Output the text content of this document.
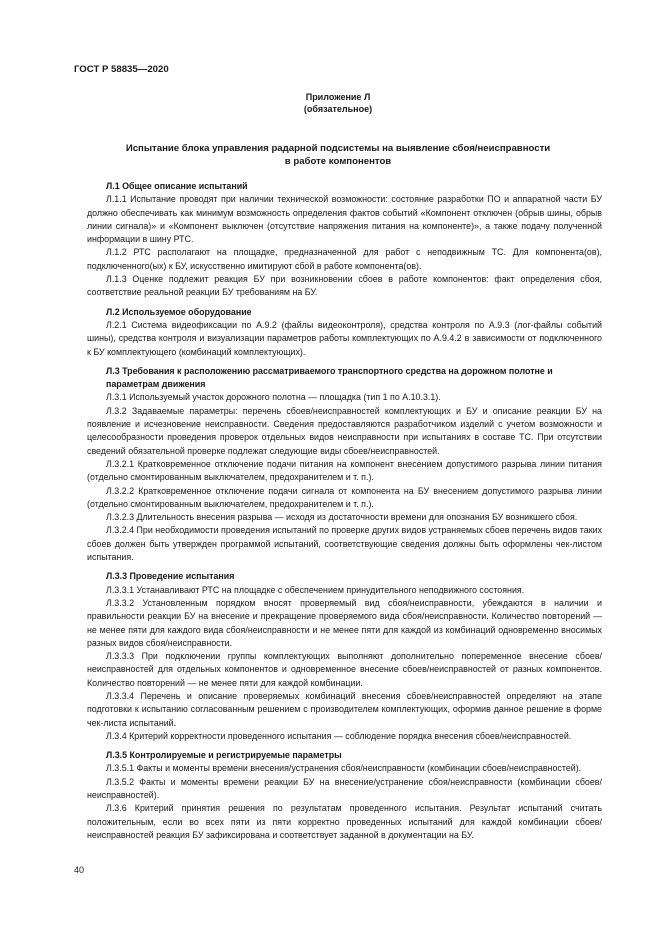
ГОСТ Р 58835—2020
Приложение Л
(обязательное)
Испытание блока управления радарной подсистемы на выявление сбоя/неисправности
в работе компонентов

Л.1 Общее описание испытаний

Л.1.1 Испытание проводят при наличии технической возможности: состояние разработки ПО и аппаратной части БУ должно обеспечивать как минимум возможность определения фактов событий «Компонент отключен (обрыв шины, обрыв линии сигнала)» и «Компонент выключен (отсутствие напряжения питания на компоненте)», а также подачу полученной информации в шину РТС.

Л.1.2 РТС располагают на площадке, предназначенной для работ с неподвижным ТС. Для компонента(ов), подключенного(ых) к БУ, искусственно имитируют сбой в работе компонента(ов).

Л.1.3 Оценке подлежит реакция БУ при возникновении сбоев в работе компонентов: факт определения сбоя, соответствие реальной реакции БУ требованиям на БУ.

Л.2 Используемое оборудование

Л.2.1 Система видеофиксации по А.9.2 (файлы видеоконтроля), средства контроля по А.9.3 (лог-файлы событий шины), средства контроля и визуализации параметров работы комплектующих по А.9.4.2 в зависимости от подключенного к БУ комплектующего (комбинаций комплектующих).

Л.3 Требования к расположению рассматриваемого транспортного средства на дорожном полотне и параметрам движения

Л.3.1 Используемый участок дорожного полотна — площадка (тип 1 по А.10.3.1).

Л.3.2 Задаваемые параметры: перечень сбоев/неисправностей комплектующих и БУ и описание реакции БУ на появление и исчезновение неисправности. Сведения предоставляются разработчиком изделий с учетом возможности и целесообразности проведения проверок отдельных видов неисправности при испытаниях в составе ТС. При отсутствии сведений обязательной проверке подлежат следующие виды сбоев/неисправностей.

Л.3.2.1 Кратковременное отключение подачи питания на компонент внесением допустимого разрыва линии питания (отдельно смонтированным выключателем, предохранителем и т. п.).

Л.3.2.2 Кратковременное отключение подачи сигнала от компонента на БУ внесением допустимого разрыва линии (отдельно смонтированным выключателем, предохранителем и т. п.).

Л.3.2.3 Длительность внесения разрыва — исходя из достаточности времени для опознания БУ возникшего сбоя.

Л.3.2.4 При необходимости проведения испытаний по проверке других видов устраняемых сбоев перечень видов таких сбоев должен быть утвержден программой испытаний, соответствующие сведения должны быть оформлены чек-листом испытания.

Л.3.3 Проведение испытания

Л.3.3.1 Устанавливают РТС на площадке с обеспечением принудительного неподвижного состояния.

Л.3.3.2 Установленным порядком вносят проверяемый вид сбоя/неисправности, убеждаются в наличии и правильности реакции БУ на внесение и прекращение проверяемого вида сбоя/неисправности. Количество повторений — не менее пяти для каждого вида сбоя/неисправности и не менее пяти для каждой из комбинаций одновременно вносимых разных видов сбоя/неисправности.

Л.3.3.3 При подключении группы комплектующих выполняют дополнительно попеременное внесение сбоев/неисправностей для отдельных компонентов и одновременное внесение сбоев/неисправностей от разных компонентов. Количество повторений — не менее пяти для каждой комбинации.

Л.3.3.4 Перечень и описание проверяемых комбинаций внесения сбоев/неисправностей определяют на этапе подготовки к испытанию согласованным решением с производителем комплектующих, оформив данное решение в форме чек-листа испытаний.

Л.3.4 Критерий корректности проведенного испытания — соблюдение порядка внесения сбоев/неисправностей.

Л.3.5 Контролируемые и регистрируемые параметры

Л.3.5.1 Факты и моменты времени внесения/устранения сбоя/неисправности (комбинации сбоев/неисправностей).

Л.3.5.2 Факты и моменты времени реакции БУ на внесение/устранение сбоя/неисправности (комбинации сбоев/неисправностей).

Л.3.6 Критерий принятия решения по результатам проведенного испытания. Результат испытаний считать положительным, если во всех пяти из пяти корректно проведенных испытаний для каждой комбинации сбоев/неисправностей реакция БУ зафиксирована и соответствует заданной в документации на БУ.

40
